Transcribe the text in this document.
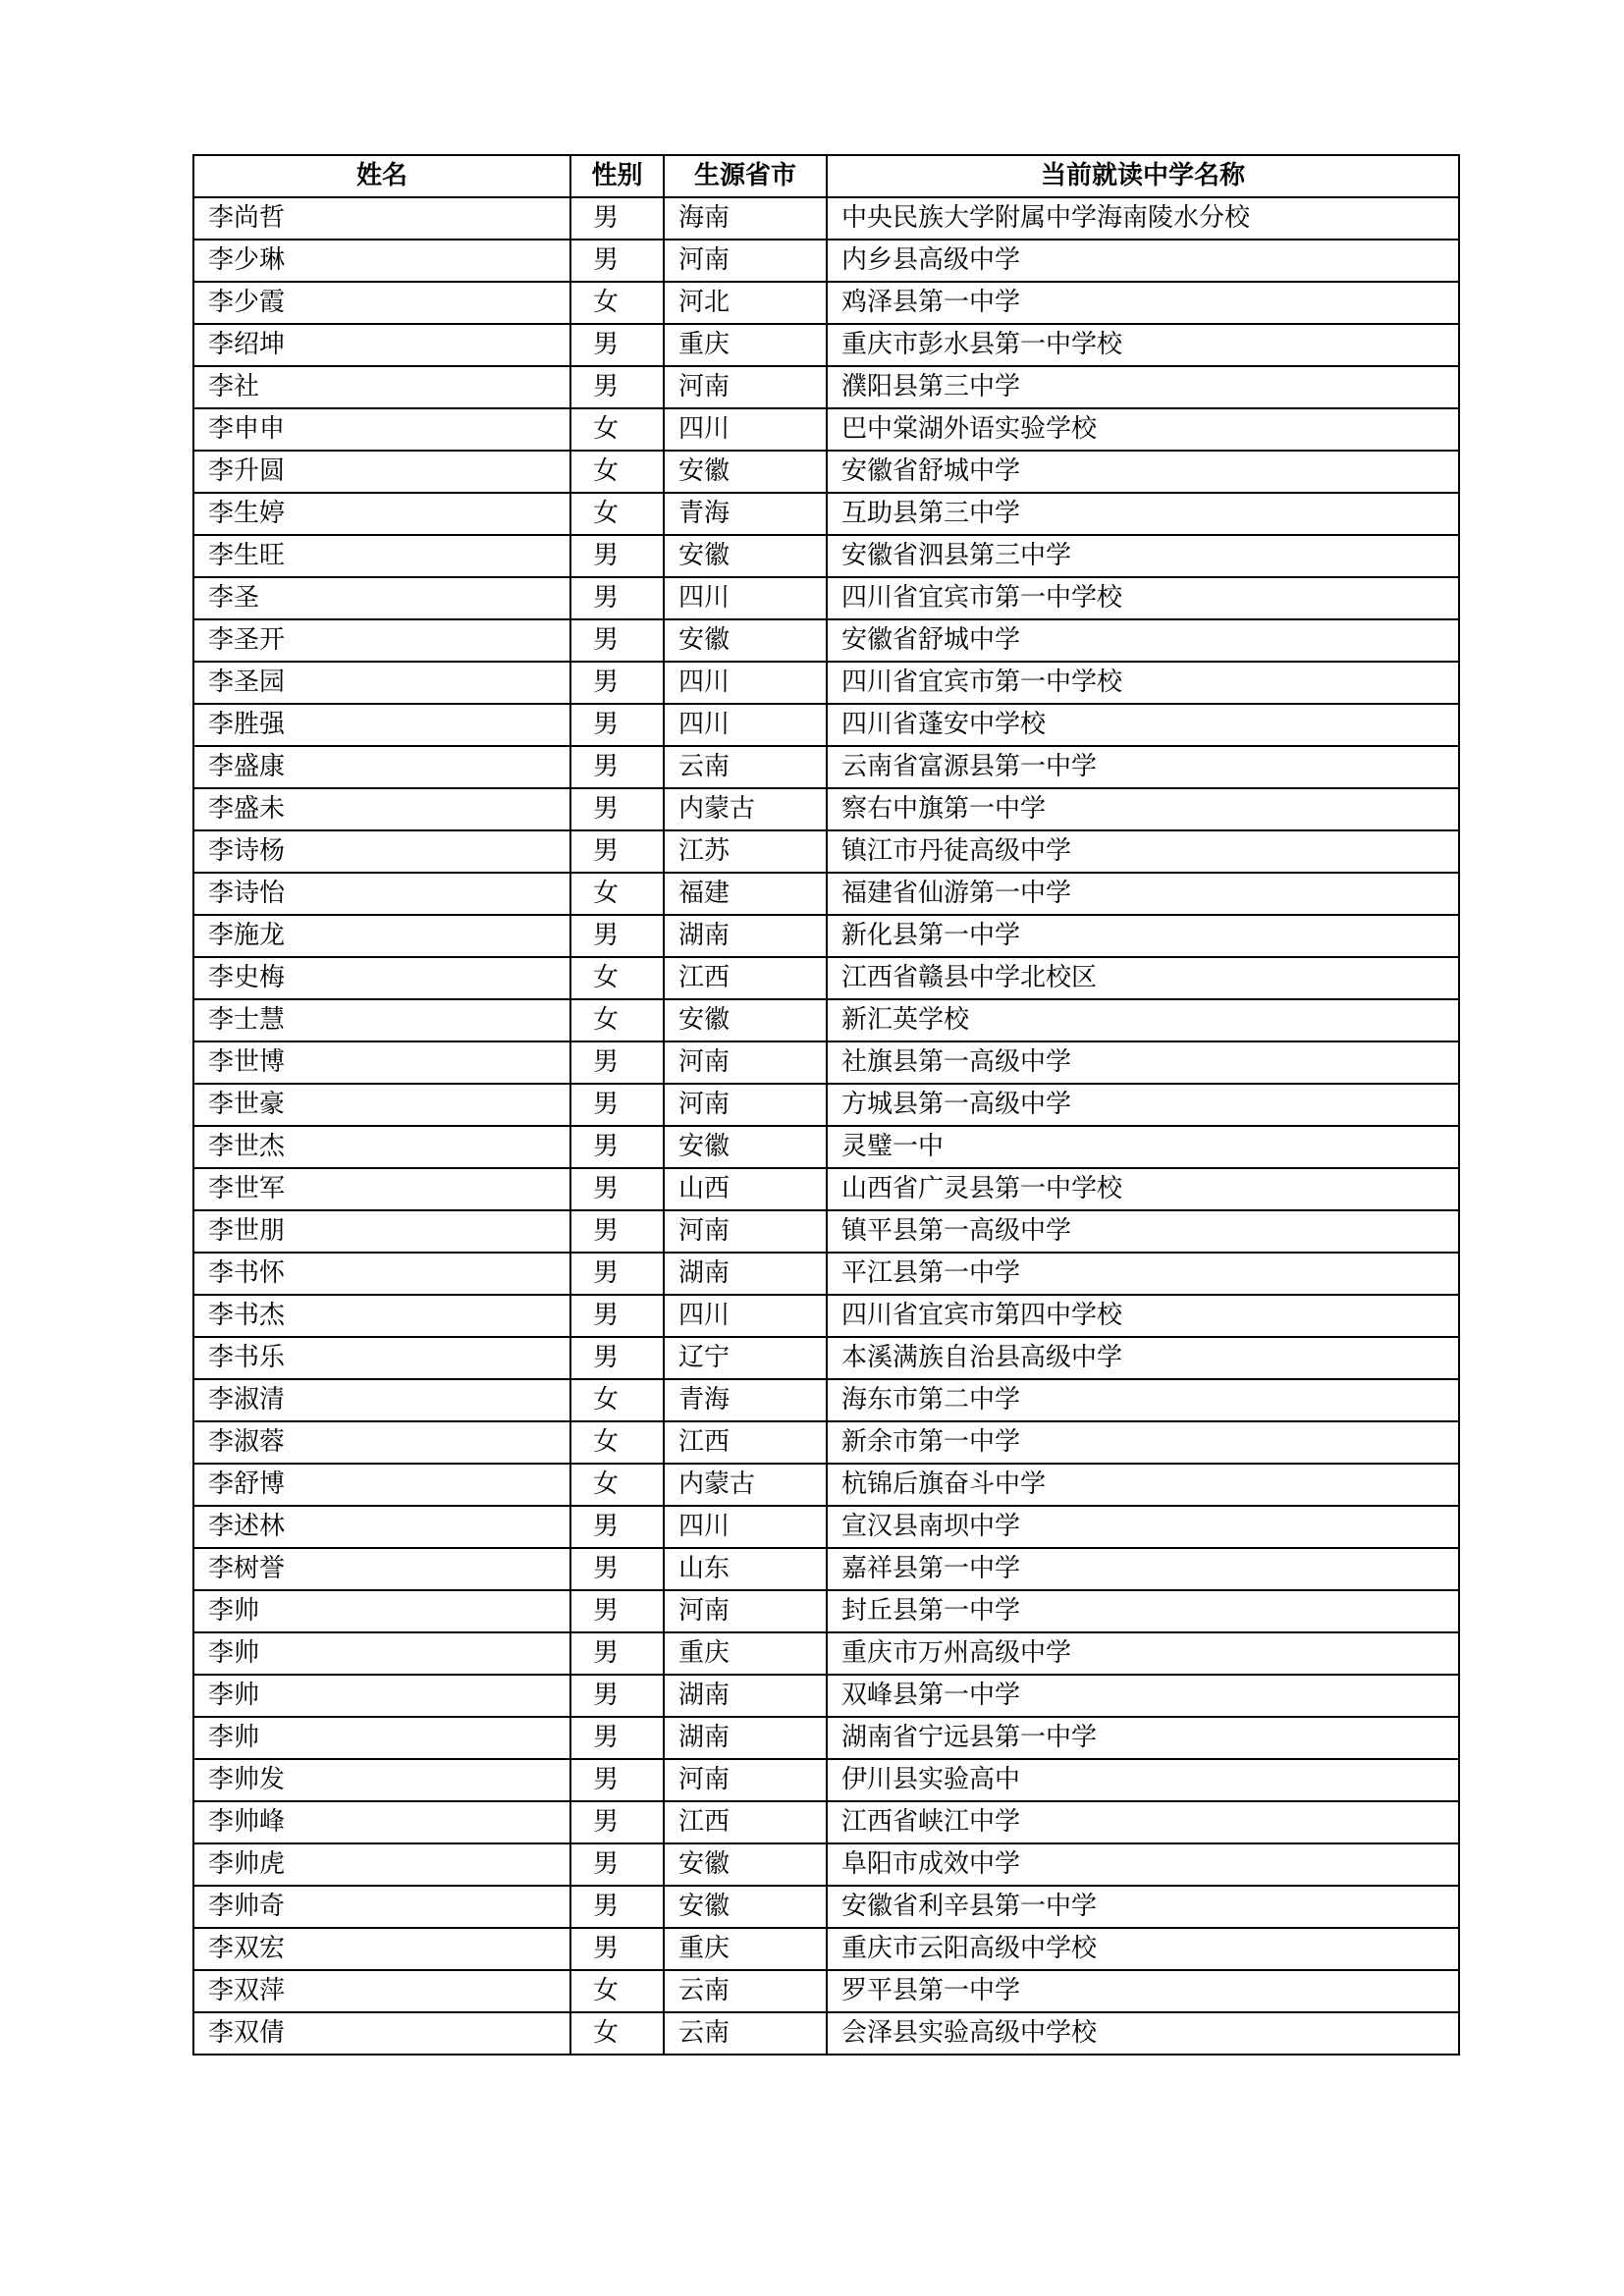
姓名	性别	生源省市	当前就读中学名称
李尚哲	男	海南	中央民族大学附属中学海南陵水分校
李少琳	男	河南	内乡县高级中学
李少霞	女	河北	鸡泽县第一中学
李绍坤	男	重庆	重庆市彭水县第一中学校
李社	男	河南	濮阳县第三中学
李申申	女	四川	巴中棠湖外语实验学校
李升圆	女	安徽	安徽省舒城中学
李生婷	女	青海	互助县第三中学
李生旺	男	安徽	安徽省泗县第三中学
李圣	男	四川	四川省宜宾市第一中学校
李圣开	男	安徽	安徽省舒城中学
李圣园	男	四川	四川省宜宾市第一中学校
李胜强	男	四川	四川省蓬安中学校
李盛康	男	云南	云南省富源县第一中学
李盛未	男	内蒙古	察右中旗第一中学
李诗杨	男	江苏	镇江市丹徒高级中学
李诗怡	女	福建	福建省仙游第一中学
李施龙	男	湖南	新化县第一中学
李史梅	女	江西	江西省赣县中学北校区
李士慧	女	安徽	新汇英学校
李世博	男	河南	社旗县第一高级中学
李世豪	男	河南	方城县第一高级中学
李世杰	男	安徽	灵璧一中
李世军	男	山西	山西省广灵县第一中学校
李世朋	男	河南	镇平县第一高级中学
李书怀	男	湖南	平江县第一中学
李书杰	男	四川	四川省宜宾市第四中学校
李书乐	男	辽宁	本溪满族自治县高级中学
李淑清	女	青海	海东市第二中学
李淑蓉	女	江西	新余市第一中学
李舒博	女	内蒙古	杭锦后旗奋斗中学
李述林	男	四川	宣汉县南坝中学
李树誉	男	山东	嘉祥县第一中学
李帅	男	河南	封丘县第一中学
李帅	男	重庆	重庆市万州高级中学
李帅	男	湖南	双峰县第一中学
李帅	男	湖南	湖南省宁远县第一中学
李帅发	男	河南	伊川县实验高中
李帅峰	男	江西	江西省峡江中学
李帅虎	男	安徽	阜阳市成效中学
李帅奇	男	安徽	安徽省利辛县第一中学
李双宏	男	重庆	重庆市云阳高级中学校
李双萍	女	云南	罗平县第一中学
李双倩	女	云南	会泽县实验高级中学校
